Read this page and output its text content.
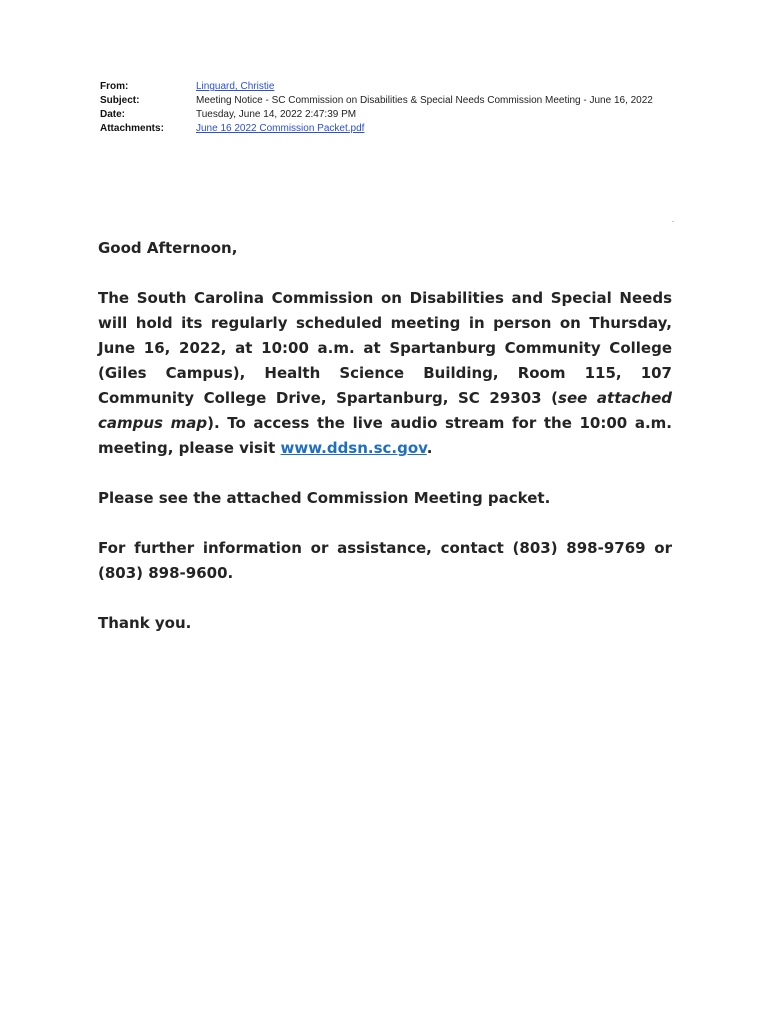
From:	Linguard, Christie
Subject:	Meeting Notice - SC Commission on Disabilities & Special Needs Commission Meeting - June 16, 2022
Date:	Tuesday, June 14, 2022 2:47:39 PM
Attachments:	June 16 2022 Commission Packet.pdf

Good Afternoon,

The South Carolina Commission on Disabilities and Special Needs will hold its regularly scheduled meeting in person on Thursday, June 16, 2022, at 10:00 a.m. at Spartanburg Community College (Giles Campus), Health Science Building, Room 115, 107 Community College Drive, Spartanburg, SC 29303 (see attached campus map). To access the live audio stream for the 10:00 a.m. meeting, please visit www.ddsn.sc.gov.

Please see the attached Commission Meeting packet.

For further information or assistance, contact (803) 898-9769 or (803) 898-9600.

Thank you.
